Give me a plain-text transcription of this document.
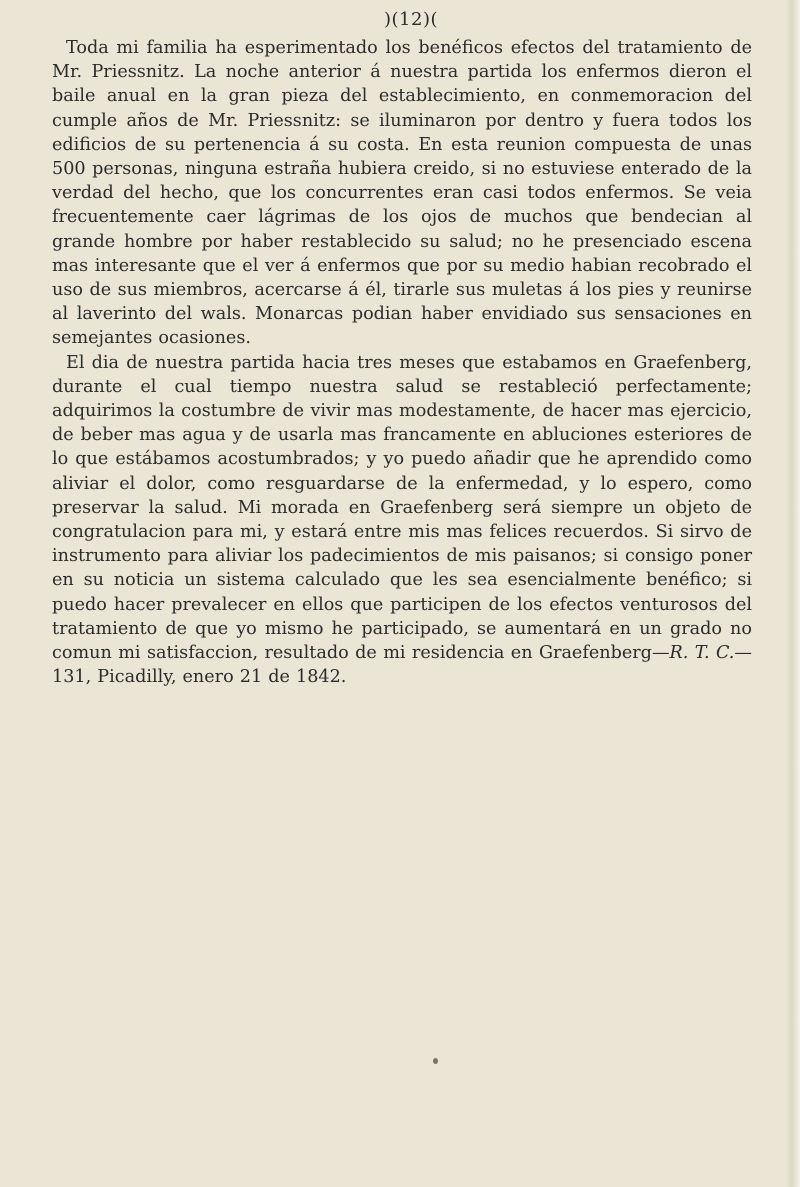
)(12)(

Toda mi familia ha esperimentado los benéficos efectos del tratamiento de Mr. Priessnitz. La noche anterior á nuestra partida los enfermos dieron el baile anual en la gran pieza del establecimiento, en conmemoracion del cumple años de Mr. Priessnitz: se iluminaron por dentro y fuera todos los edificios de su pertenencia á su costa. En esta reunion compuesta de unas 500 personas, ninguna estraña hubiera creido, si no estuviese enterado de la verdad del hecho, que los concurrentes eran casi todos enfermos. Se veia frecuentemente caer lágrimas de los ojos de muchos que bendecian al grande hombre por haber restablecido su salud; no he presenciado escena mas interesante que el ver á enfermos que por su medio habian recobrado el uso de sus miembros, acercarse á él, tirarle sus muletas á los pies y reunirse al laverinto del wals. Monarcas podian haber envidiado sus sensaciones en semejantes ocasiones.

El dia de nuestra partida hacia tres meses que estabamos en Graefenberg, durante el cual tiempo nuestra salud se restableció perfectamente; adquirimos la costumbre de vivir mas modestamente, de hacer mas ejercicio, de beber mas agua y de usarla mas francamente en abluciones esteriores de lo que estábamos acostumbrados; y yo puedo añadir que he aprendido como aliviar el dolor, como resguardarse de la enfermedad, y lo espero, como preservar la salud. Mi morada en Graefenberg será siempre un objeto de congratulacion para mi, y estará entre mis mas felices recuerdos. Si sirvo de instrumento para aliviar los padecimientos de mis paisanos; si consigo poner en su noticia un sistema calculado que les sea esencialmente benéfico; si puedo hacer prevalecer en ellos que participen de los efectos venturosos del tratamiento de que yo mismo he participado, se aumentará en un grado no comun mi satisfaccion, resultado de mi residencia en Graefenberg—R. T. C.—131, Picadilly, enero 21 de 1842.
